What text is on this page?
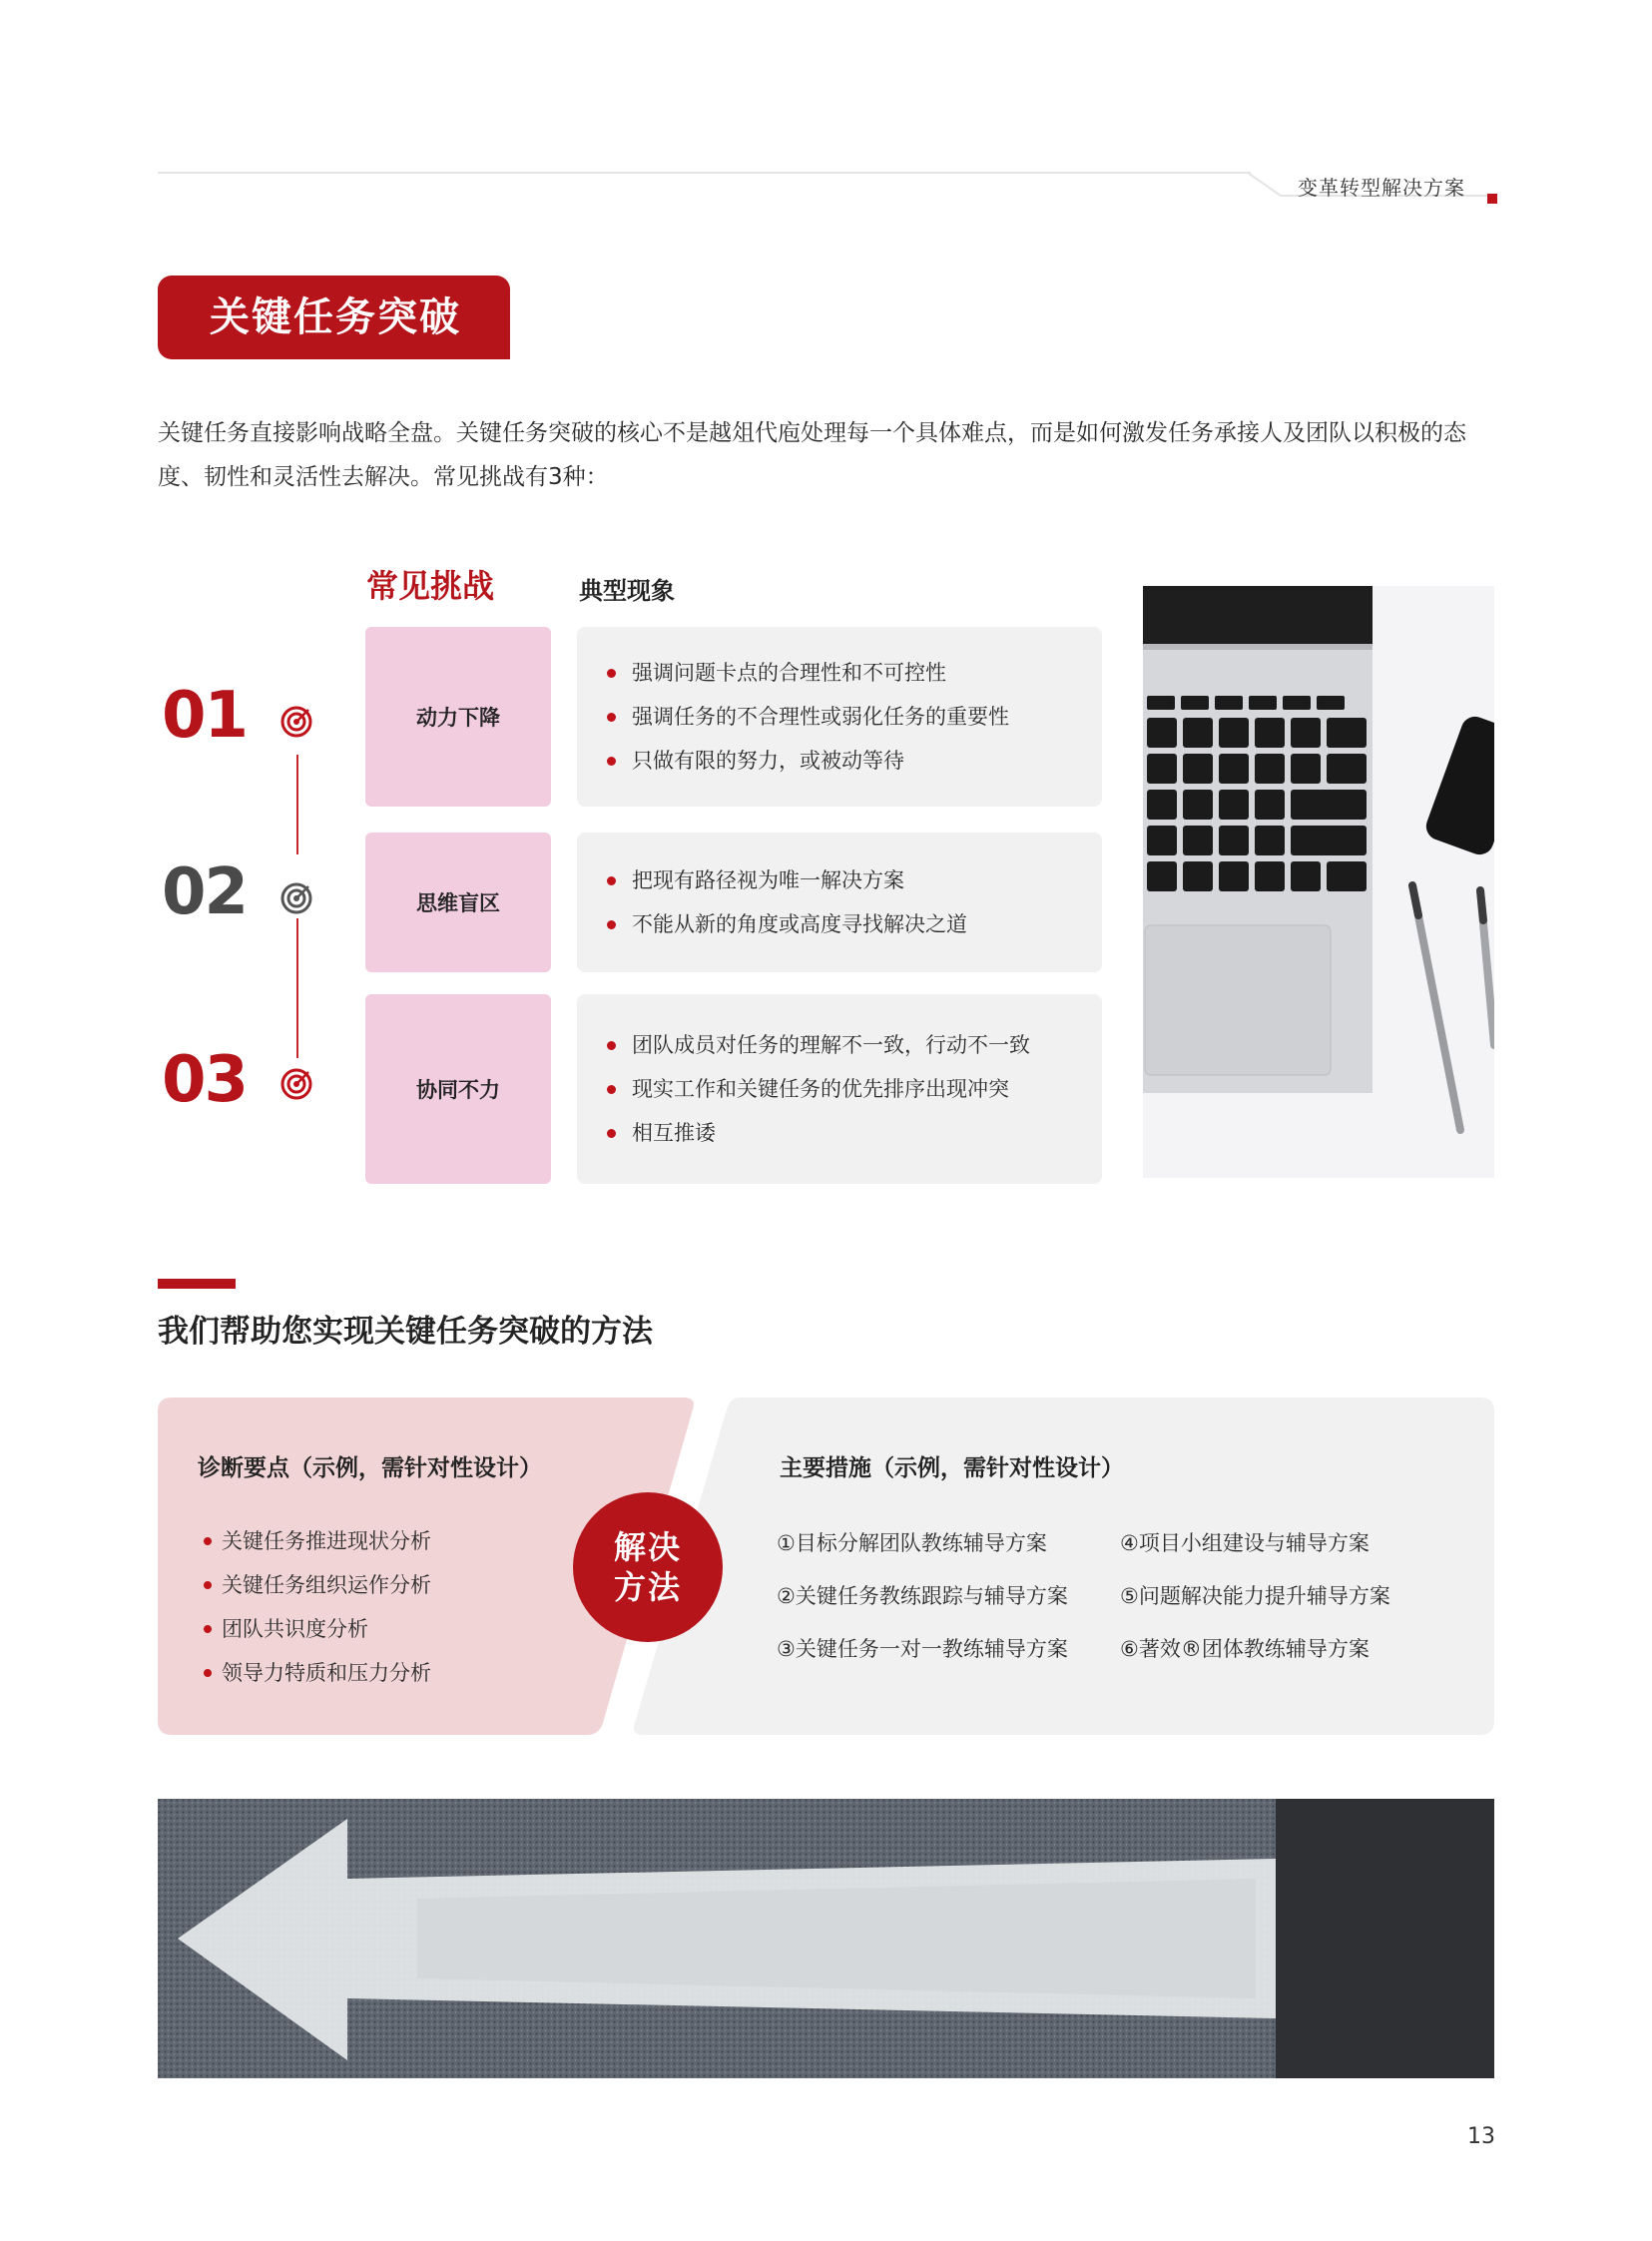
变革转型解决方案
关键任务突破
关键任务直接影响战略全盘。关键任务突破的核心不是越俎代庖处理每一个具体难点，而是如何激发任务承接人及团队以积极的态度、韧性和灵活性去解决。常见挑战有3种：
常见挑战	典型现象
01
02
03
动力下降
强调问题卡点的合理性和不可控性
强调任务的不合理性或弱化任务的重要性
只做有限的努力，或被动等待
思维盲区
把现有路径视为唯一解决方案
不能从新的角度或高度寻找解决之道
协同不力
团队成员对任务的理解不一致，行动不一致
现实工作和关键任务的优先排序出现冲突
相互推诿
我们帮助您实现关键任务突破的方法
诊断要点（示例，需针对性设计）
关键任务推进现状分析
关键任务组织运作分析
团队共识度分析
领导力特质和压力分析
解决
方法
主要措施（示例，需针对性设计）
①目标分解团队教练辅导方案
②关键任务教练跟踪与辅导方案
③关键任务一对一教练辅导方案
④项目小组建设与辅导方案
⑤问题解决能力提升辅导方案
⑥著效®团体教练辅导方案
13
